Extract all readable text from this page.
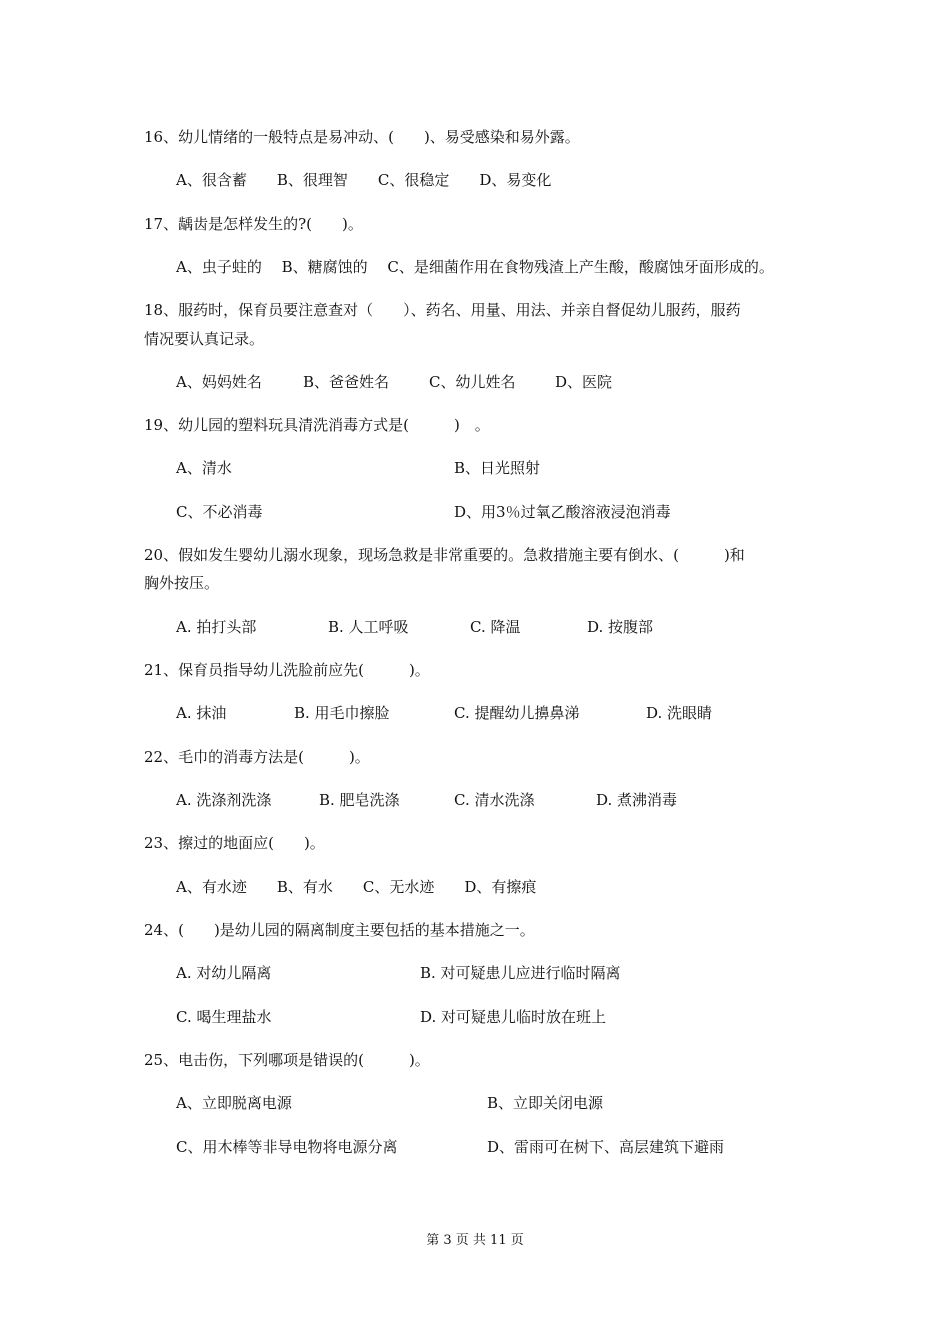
16、幼儿情绪的一般特点是易冲动、(　　)、易受感染和易外露。
A、很含蓄　　B、很理智　　C、很稳定　　D、易变化
17、龋齿是怎样发生的?(　　)。
A、虫子蛀的　 B、糖腐蚀的　 C、是细菌作用在食物残渣上产生酸，酸腐蚀牙面形成的。
18、服药时，保育员要注意查对（　　）、药名、用量、用法、并亲自督促幼儿服药，服药
情况要认真记录。
A、妈妈姓名	B、爸爸姓名	C、幼儿姓名	D、医院
19、幼儿园的塑料玩具清洗消毒方式是(　　　)　。
A、清水	B、日光照射
C、不必消毒	D、用3％过氧乙酸溶液浸泡消毒
20、假如发生婴幼儿溺水现象，现场急救是非常重要的。急救措施主要有倒水、(　　　)和
胸外按压。
A. 拍打头部	B. 人工呼吸	C. 降温	D. 按腹部
21、保育员指导幼儿洗脸前应先(　　　)。
A. 抹油	B. 用毛巾擦脸	C. 提醒幼儿擤鼻涕	D. 洗眼睛
22、毛巾的消毒方法是(　　　)。
A. 洗涤剂洗涤	B. 肥皂洗涤	C. 清水洗涤	D. 煮沸消毒
23、擦过的地面应(　　)。
A、有水迹　　B、有水　　C、无水迹　　D、有擦痕
24、(　　)是幼儿园的隔离制度主要包括的基本措施之一。
A. 对幼儿隔离	B. 对可疑患儿应进行临时隔离
C. 喝生理盐水	D. 对可疑患儿临时放在班上
25、电击伤，下列哪项是错误的(　　　)。
A、立即脱离电源	B、立即关闭电源
C、用木棒等非导电物将电源分离	D、雷雨可在树下、高层建筑下避雨
第 3 页 共 11 页
